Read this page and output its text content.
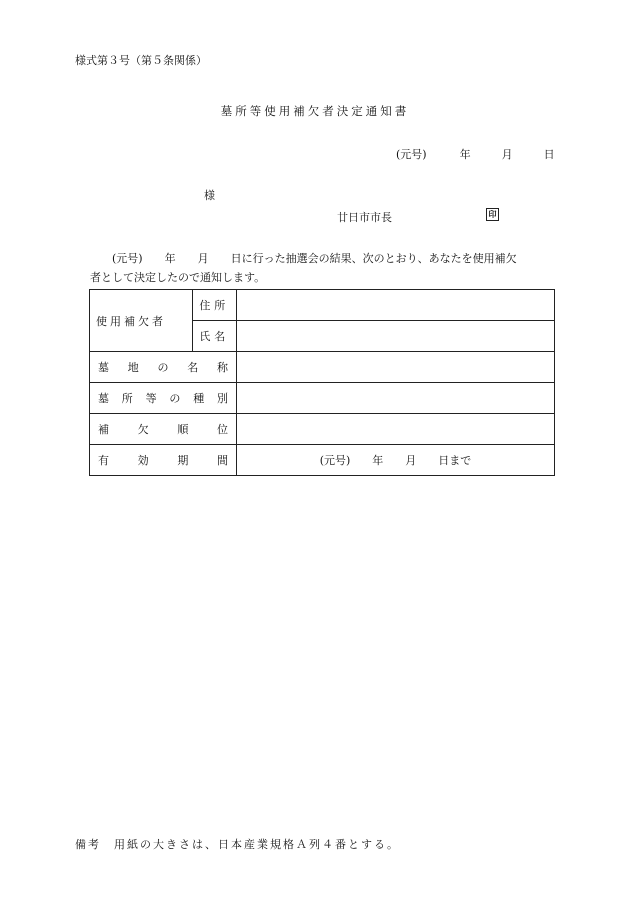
様式第３号（第５条関係）
墓所等使用補欠者決定通知書
(元号)	年	月	日
様
廿日市市長	印
(元号)　　年　　月　　日に行った抽選会の結果、次のとおり、あなたを使用補欠
者として決定したので通知します。
使用補欠者	住所	
	氏名	
墓地の名称		
墓所等の種別		
補欠順位		
有効期間		(元号)　　年　　月　　日まで
備考　用紙の大きさは、日本産業規格Ａ列４番とする。
